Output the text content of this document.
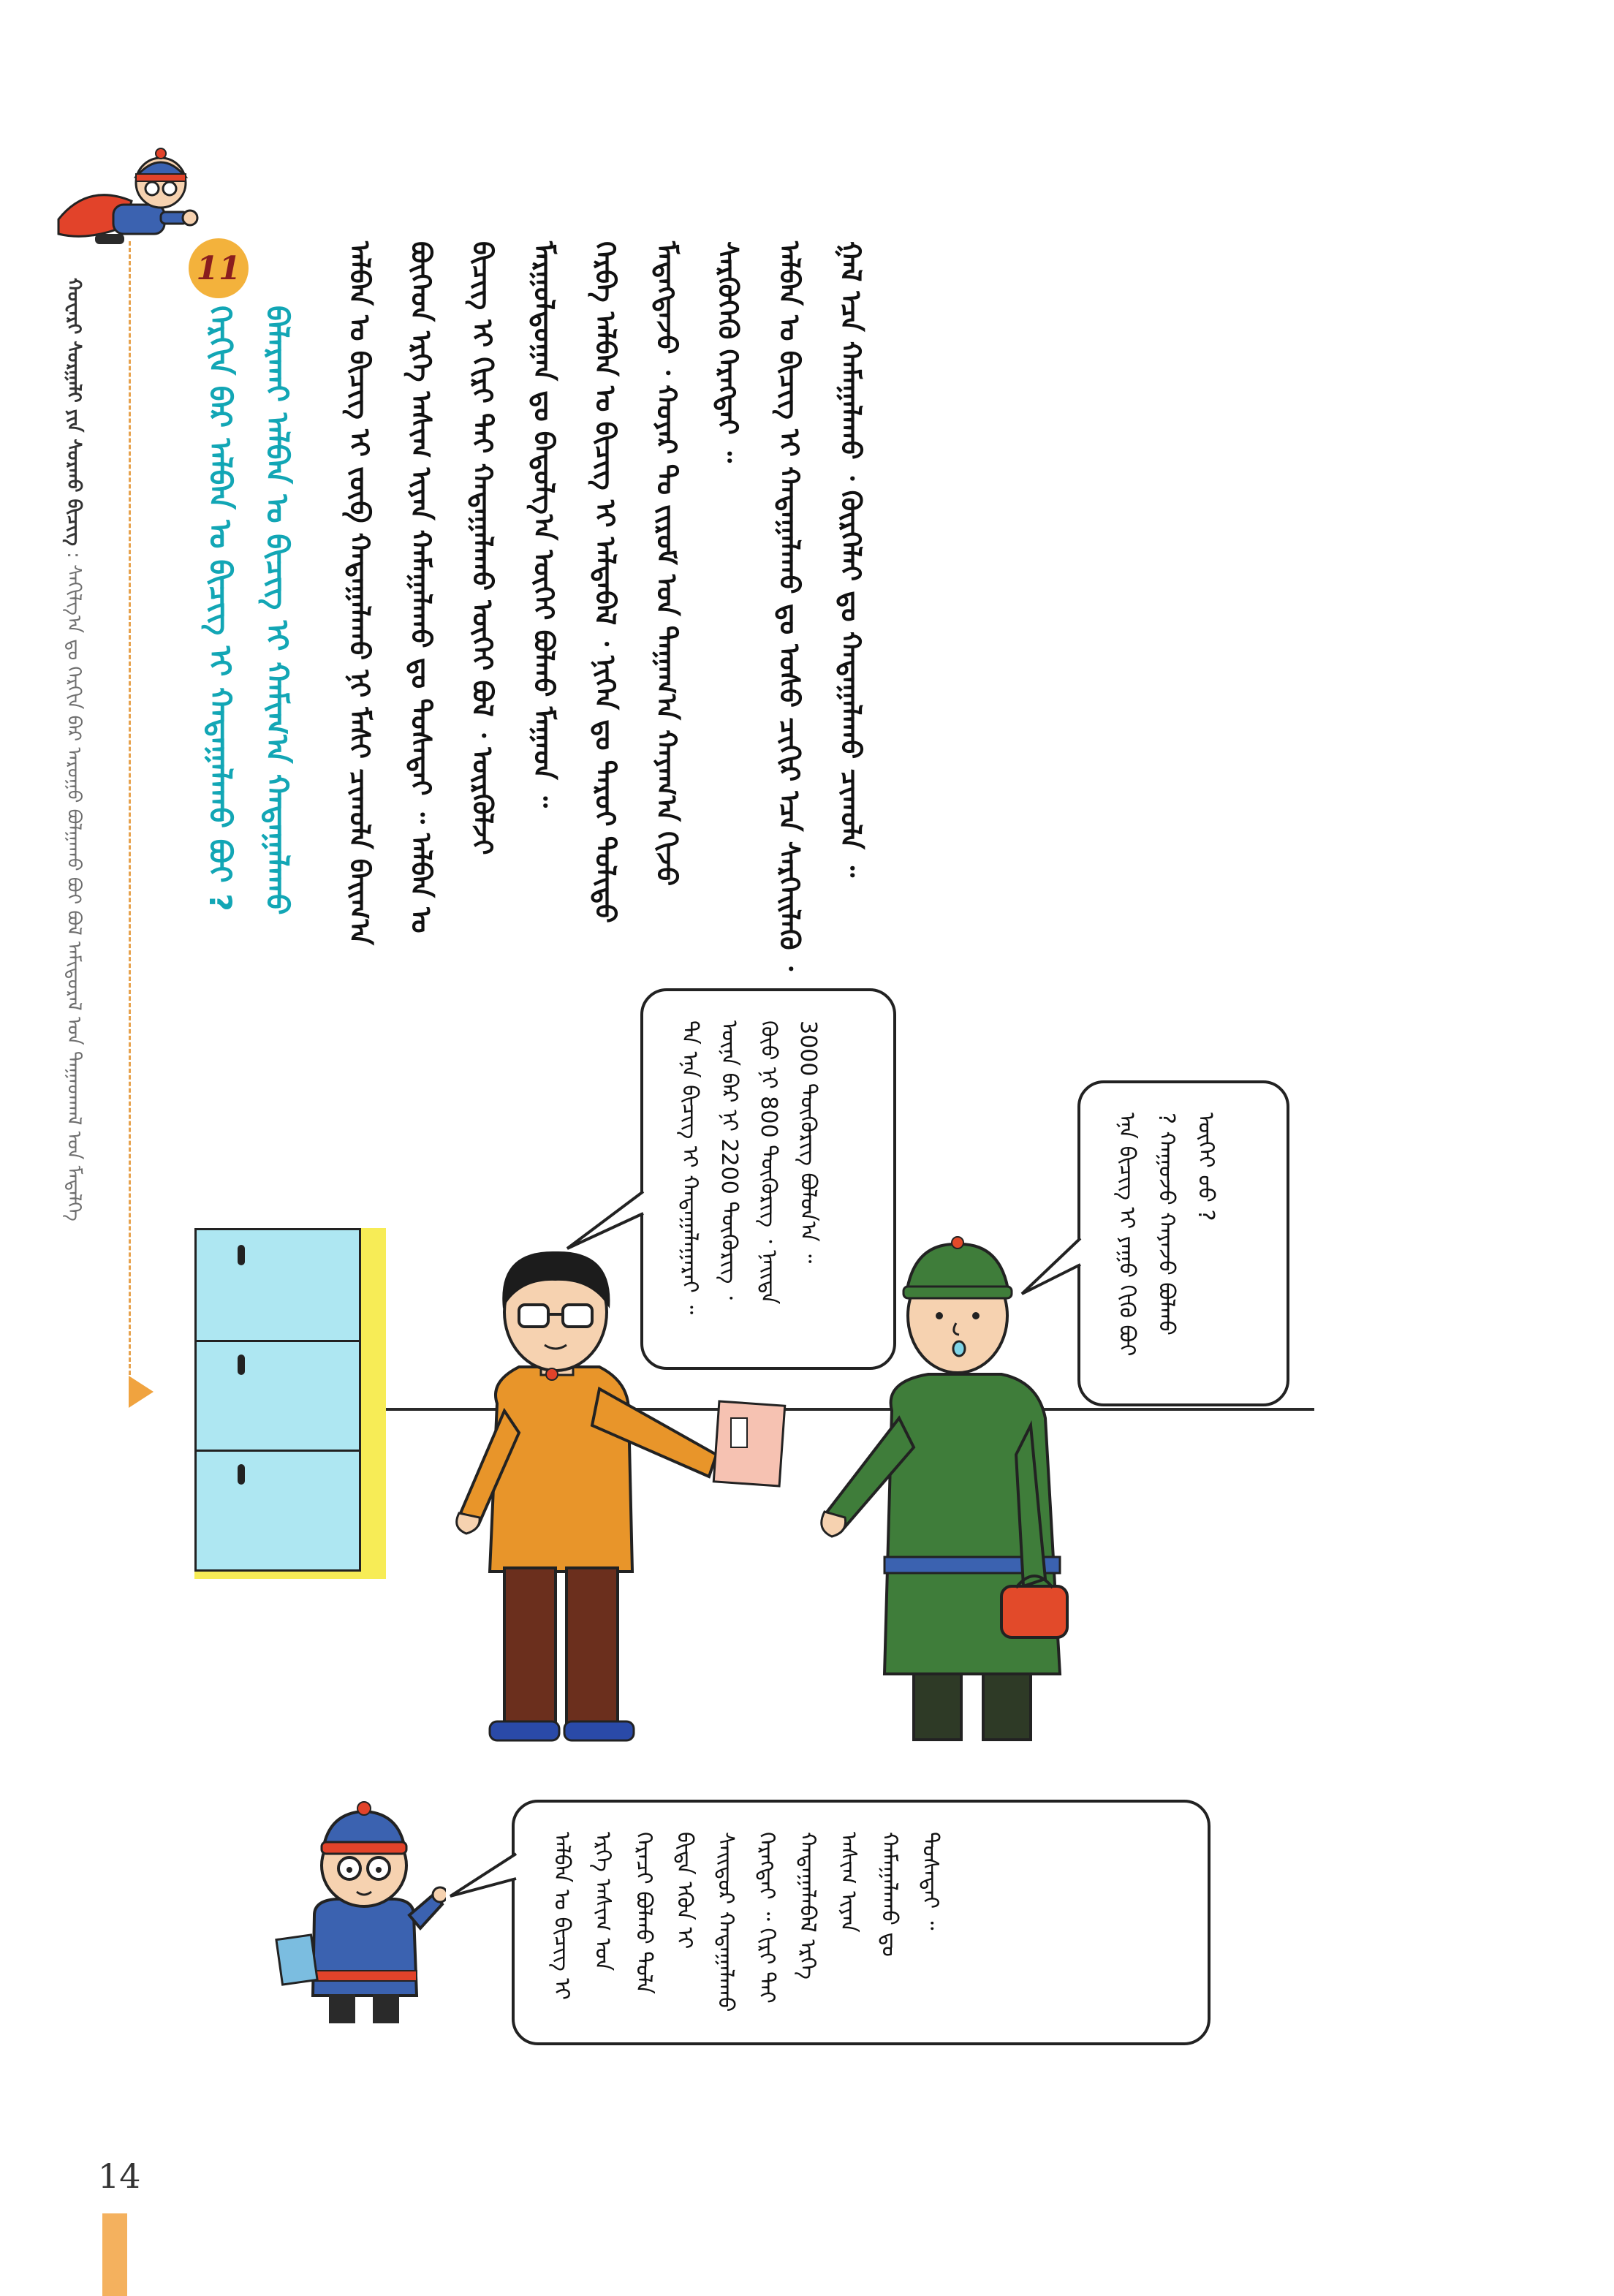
ᠬᠤᠸᠠᠷᠢ ᠰᠤᠷᠭᠠᠯᠢ ᠶᠢᠨ ᠰᠤᠷᠬᠤ ᠪᠢᠴᠢᠭ : ᠰᠠᠬᠢᠯᠭ᠎ᠠ ᠳᠤ ᠬᠡᠷᠬᠢᠨ ᠪᠠᠷ ᠠᠷᠤᠭᠤ ᠪᠤᠯᠭᠠᠬᠤ ᠪᠤᠢ ᠪᠤᠯ ᠠᠮᠢᠳᠤᠷᠠᠯ ᠤᠨ ᠳᠠᠭᠠᠳᠬᠠᠯ ᠤᠨ ᠮᠡᠳᠡᠯᠭᠡ
11
ᠬᠡᠷᠬᠢᠨ ᠪᠠᠷ ᠠᠯᠪᠠᠨ ᠤ ᠪᠢᠴᠢᠭ᠌ ᠢ ᠬᠠᠳᠠᠭᠠᠯᠠᠬᠤ ᠪᠤᠢ ? ᠪᠠᠯᠠᠷᠬᠠᠶ ᠠᠯᠪᠠᠨ ᠤ ᠪᠢᠴᠢᠭ ᠢ ᠬᠠᠮᠢᠭ᠎ᠠ ᠬᠠᠳᠠᠭᠠᠯᠠᠬᠤ	ᠠᠯᠪᠠᠨ ᠤ ᠪᠢᠴᠢᠭ ᠢ ᠵᠦᠪ ᠬᠠᠳᠠᠭᠠᠯᠠᠬᠤ ᠨᠢ ᠮᠠᠰᠢ ᠴᠢᠬᠤᠯᠠ ᠪᠠᠢᠭ᠎ᠠ ᠪᠥᠭᠡᠳ ᠡᠷᠬᠡ ᠠᠱᠢᠭ ᠢᠶᠠᠨ ᠬᠠᠮᠠᠭᠠᠯᠠᠬᠤ ᠳᠤ ᠲᠤᠰᠠᠲᠠᠢ ᠃ ᠠᠯᠪᠠᠨ ᠤ ᠪᠢᠴᠢᠭ ᠢ ᠬᠢᠷᠢ ᠲᠡᠢ ᠬᠠᠳᠠᠭᠠᠯᠠᠬᠤ ᠦᠭᠡᠢ ᠪᠣᠯ ᠂ ᠦᠷᠭᠦᠯᠵᠢ ᠮᠠᠷᠭᠤᠯᠳᠤᠭᠠᠨ ᠳᠤ ᠪᠠᠲᠤᠯᠭ᠎ᠠ ᠦᠭᠡᠢ ᠪᠣᠯᠬᠤ ᠮᠠᠭᠠᠳ ᠃	ᠬᠡᠷᠪᠡ ᠠᠯᠪᠠᠨ ᠤ ᠪᠢᠴᠢᠭ ᠢ ᠠᠯᠳᠠᠪᠠᠯ ᠂ ᠨᠢᠭᠡᠨ ᠳᠤ ᠳᠠᠷᠤᠢ ᠲᠣᠯᠢᠳᠤ ᠮᠡᠳᠡᠭᠳᠡᠵᠦ ᠂ ᠬᠣᠶᠠᠷ ᠲᠤ ᠵᠢᠷᠤᠮ ᠤᠨ ᠳᠠᠭᠠᠭ᠎ᠠ ᠬᠠᠶᠠᠭ᠎ᠠ ᠬᠢᠵᠦ ᠰᠡᠷᠭᠦᠭᠡᠬᠦ ᠬᠡᠷᠡᠭᠲᠡᠢ ᠃	ᠠᠯᠪᠠᠨ ᠤ ᠪᠢᠴᠢᠭ ᠢ ᠬᠠᠳᠠᠭᠠᠯᠠᠬᠤ ᠳᠤ ᠤᠰᠤ ᠴᠢᠬᠢᠷ ᠡᠴᠡ ᠰᠡᠷᠭᠡᠢᠯᠡᠬᠦ ᠂ ᠭᠠᠯ ᠡᠴᠡ ᠬᠠᠮᠠᠭᠠᠯᠠᠬᠤ ᠂ ᠬᠦᠷᠭᠡᠯᠡᠢ ᠳᠤ ᠬᠠᠳᠠᠭᠠᠯᠠᠬᠤ ᠴᠢᠬᠤᠯᠠ ᠃

ᠲᠠ ᠡᠨᠡ ᠪᠢᠴᠢᠭ ᠢ ᠬᠠᠳᠠᠭᠠᠯᠠᠭᠠᠷᠠᠢ ᠃ ᠦᠨᠡ ᠪᠡᠷ ᠨᠢ 2200 ᠲᠦᠭᠦᠷᠢᠭ ᠂ ᠬᠦᠦ ᠨᠢ 800 ᠲᠦᠭᠦᠷᠢᠭ ᠂ ᠨᠡᠢᠲᠡ 3000 ᠲᠦᠭᠦᠷᠢᠭ ᠪᠣᠯᠤᠨ᠎ᠠ ᠃	ᠡᠨᠡ ᠪᠢᠴᠢᠭ ᠢ ᠶᠠᠭᠤ ᠬᠢᠬᠦ ᠪᠤᠢ ? ᠬᠠᠭᠤᠵᠤ ᠬᠠᠶᠠᠵᠤ ᠪᠣᠯᠬᠤ ᠦᠭᠡᠢ ᠤᠤ ?
ᠠᠯᠪᠠᠨ ᠤ ᠪᠢᠴᠢᠭ ᠢ ᠡᠷᠬᠡ ᠠᠱᠢᠭ ᠤᠨ ᠭᠡᠷᠡᠴᠢ ᠪᠣᠯᠬᠤ ᠲᠤᠯᠠ ᠪᠢᠳᠡ ᠡᠭᠦᠨ ᠢ ᠰᠠᠢᠲᠤᠷ ᠬᠠᠳᠠᠭᠠᠯᠠᠬᠤ ᠬᠡᠷᠡᠭᠲᠡᠢ ᠃ ᠬᠢᠷᠢ ᠲᠡᠢ ᠬᠠᠳᠠᠭᠠᠯᠠᠪᠠᠯ ᠡᠷᠬᠡ ᠠᠱᠢᠭ ᠢᠶᠠᠨ ᠬᠠᠮᠠᠭᠠᠯᠠᠬᠤ ᠳᠤ ᠲᠤᠰᠠᠲᠠᠢ ᠃
14
